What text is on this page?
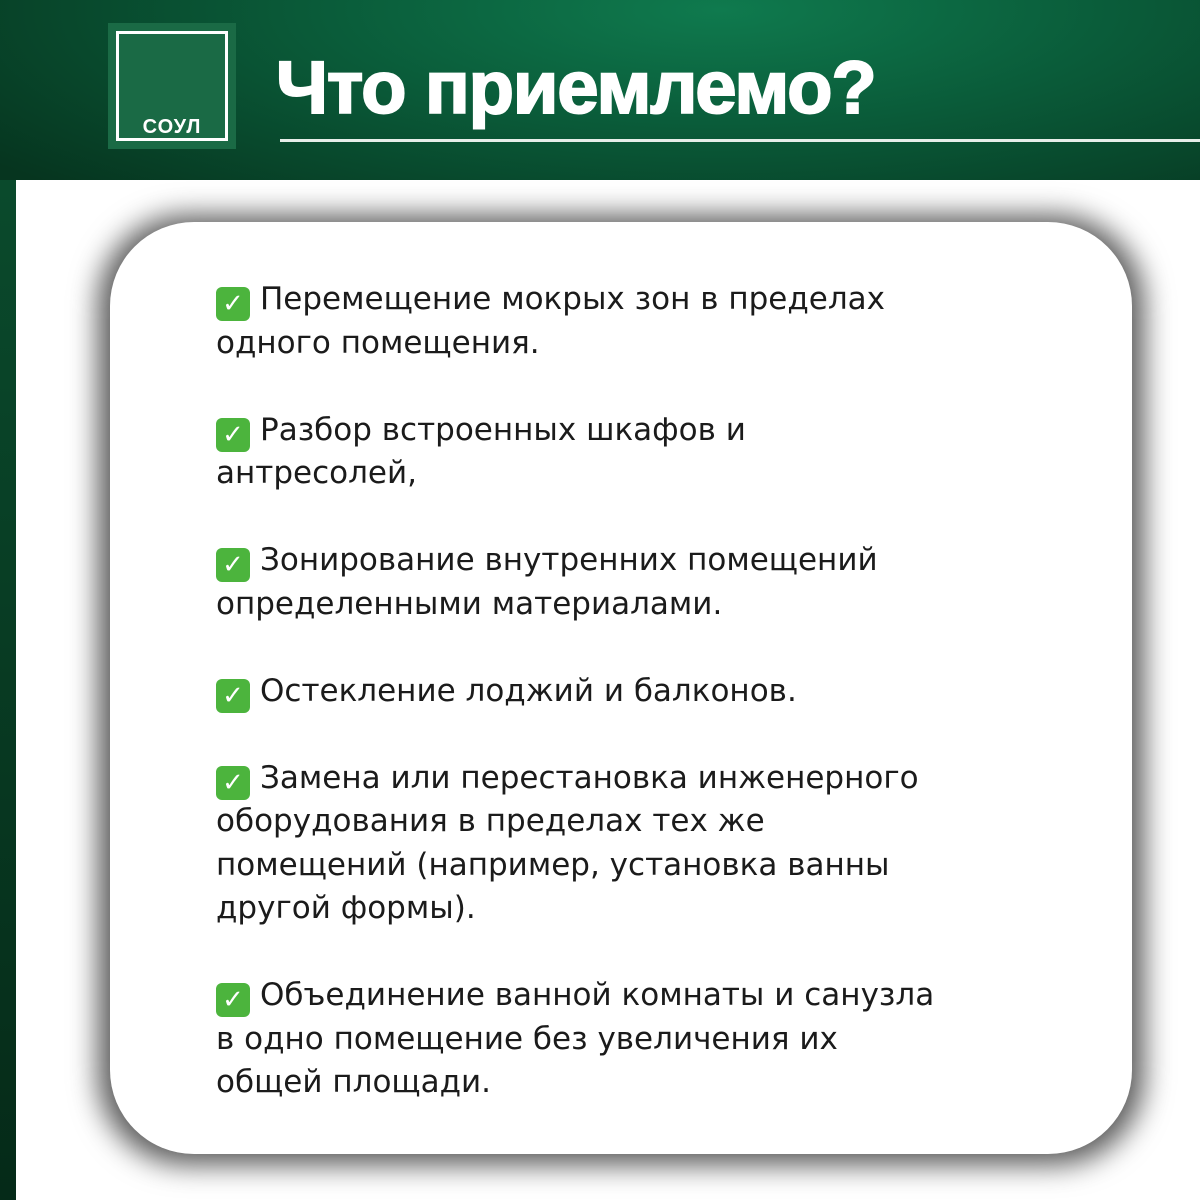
СОУЛ	Что приемлемо?
✓ Перемещение мокрых зон в пределах
одного помещения.
✓ Разбор встроенных шкафов и
антресолей,
✓ Зонирование внутренних помещений
определенными материалами.
✓ Остекление лоджий и балконов.
✓ Замена или перестановка инженерного
оборудования в пределах тех же
помещений (например, установка ванны
другой формы).
✓ Объединение ванной комнаты и санузла
в одно помещение без увеличения их
общей площади.
